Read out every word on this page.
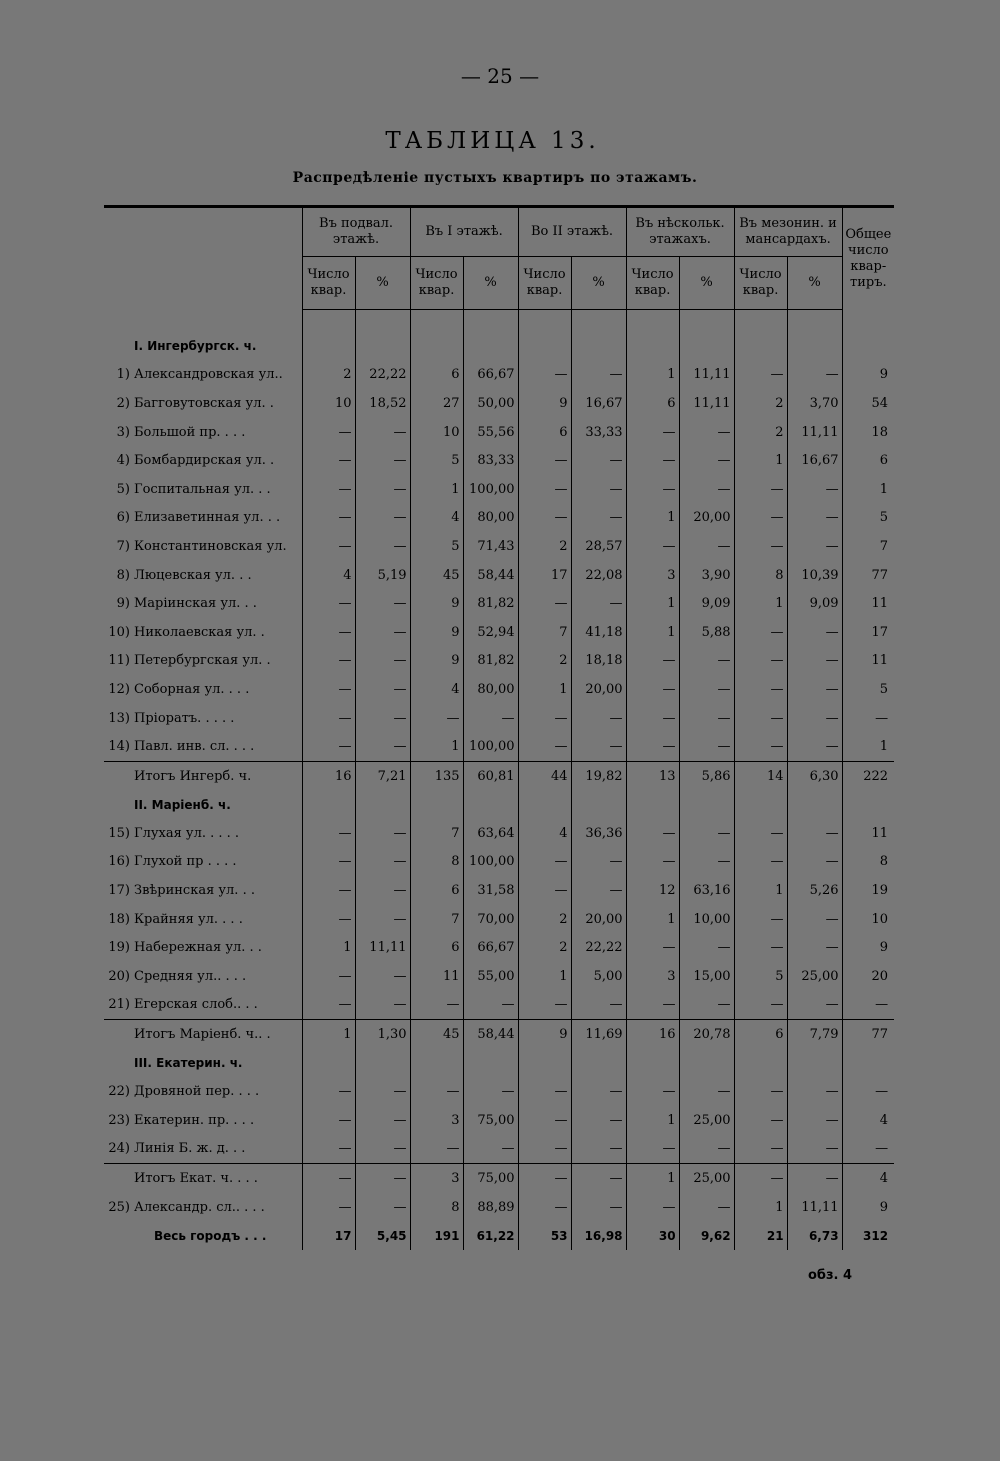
— 25 —
ТАБЛИЦА 13.
Распредѣленіе пустыхъ квартиръ по этажамъ.
	Въ подвал. этажѣ.		Въ I этажѣ.		Во II этажѣ.		Въ нѣскольк. этажахъ.		Въ мезонин. и мансардахъ.		Общее число квар-тиръ.
	Число квар.	%	Число квар.	%	Число квар.	%	Число квар.	%	Число квар.	%	

I. Ингербургск. ч.											
1) Александровская ул..	2	22,22	6	66,67	—	—	1	11,11	—	—	9
2) Багговутовская ул. .	10	18,52	27	50,00	9	16,67	6	11,11	2	3,70	54
3) Большой пр. . . .	—	—	10	55,56	6	33,33	—	—	2	11,11	18
4) Бомбардирская ул. .	—	—	5	83,33	—	—	—	—	1	16,67	6
5) Госпитальная ул. . .	—	—	1	100,00	—	—	—	—	—	—	1
6) Елизаветинная ул. . .	—	—	4	80,00	—	—	1	20,00	—	—	5
7) Константиновская ул.	—	—	5	71,43	2	28,57	—	—	—	—	7
8) Люцевская ул. . .	4	5,19	45	58,44	17	22,08	3	3,90	8	10,39	77
9) Маріинская ул. . .	—	—	9	81,82	—	—	1	9,09	1	9,09	11
10) Николаевская ул. .	—	—	9	52,94	7	41,18	1	5,88	—	—	17
11) Петербургская ул. .	—	—	9	81,82	2	18,18	—	—	—	—	11
12) Соборная ул. . . .	—	—	4	80,00	1	20,00	—	—	—	—	5
13) Пріоратъ. . . . .	—	—	—	—	—	—	—	—	—	—	—
14) Павл. инв. сл. . . .	—	—	1	100,00	—	—	—	—	—	—	1
Итогъ Ингерб. ч.	16	7,21	135	60,81	44	19,82	13	5,86	14	6,30	222
II. Маріенб. ч.											
15) Глухая ул. . . . .	—	—	7	63,64	4	36,36	—	—	—	—	11
16) Глухой пр . . . .	—	—	8	100,00	—	—	—	—	—	—	8
17) Звѣринская ул. . .	—	—	6	31,58	—	—	12	63,16	1	5,26	19
18) Крайняя ул. . . .	—	—	7	70,00	2	20,00	1	10,00	—	—	10
19) Набережная ул. . .	1	11,11	6	66,67	2	22,22	—	—	—	—	9
20) Средняя ул.. . . .	—	—	11	55,00	1	5,00	3	15,00	5	25,00	20
21) Егерская слоб.. . .	—	—	—	—	—	—	—	—	—	—	—
Итогъ Маріенб. ч.. .	1	1,30	45	58,44	9	11,69	16	20,78	6	7,79	77
III. Екатерин. ч.											
22) Дровяной пер. . . .	—	—	—	—	—	—	—	—	—	—	—
23) Екатерин. пр. . . .	—	—	3	75,00	—	—	1	25,00	—	—	4
24) Линія Б. ж. д. . .	—	—	—	—	—	—	—	—	—	—	—
Итогъ Екат. ч. . . .	—	—	3	75,00	—	—	1	25,00	—	—	4
25) Александр. сл.. . . .	—	—	8	88,89	—	—	—	—	1	11,11	9
Весь городъ . . .	17	5,45	191	61,22	53	16,98	30	9,62	21	6,73	312
обз. 4
